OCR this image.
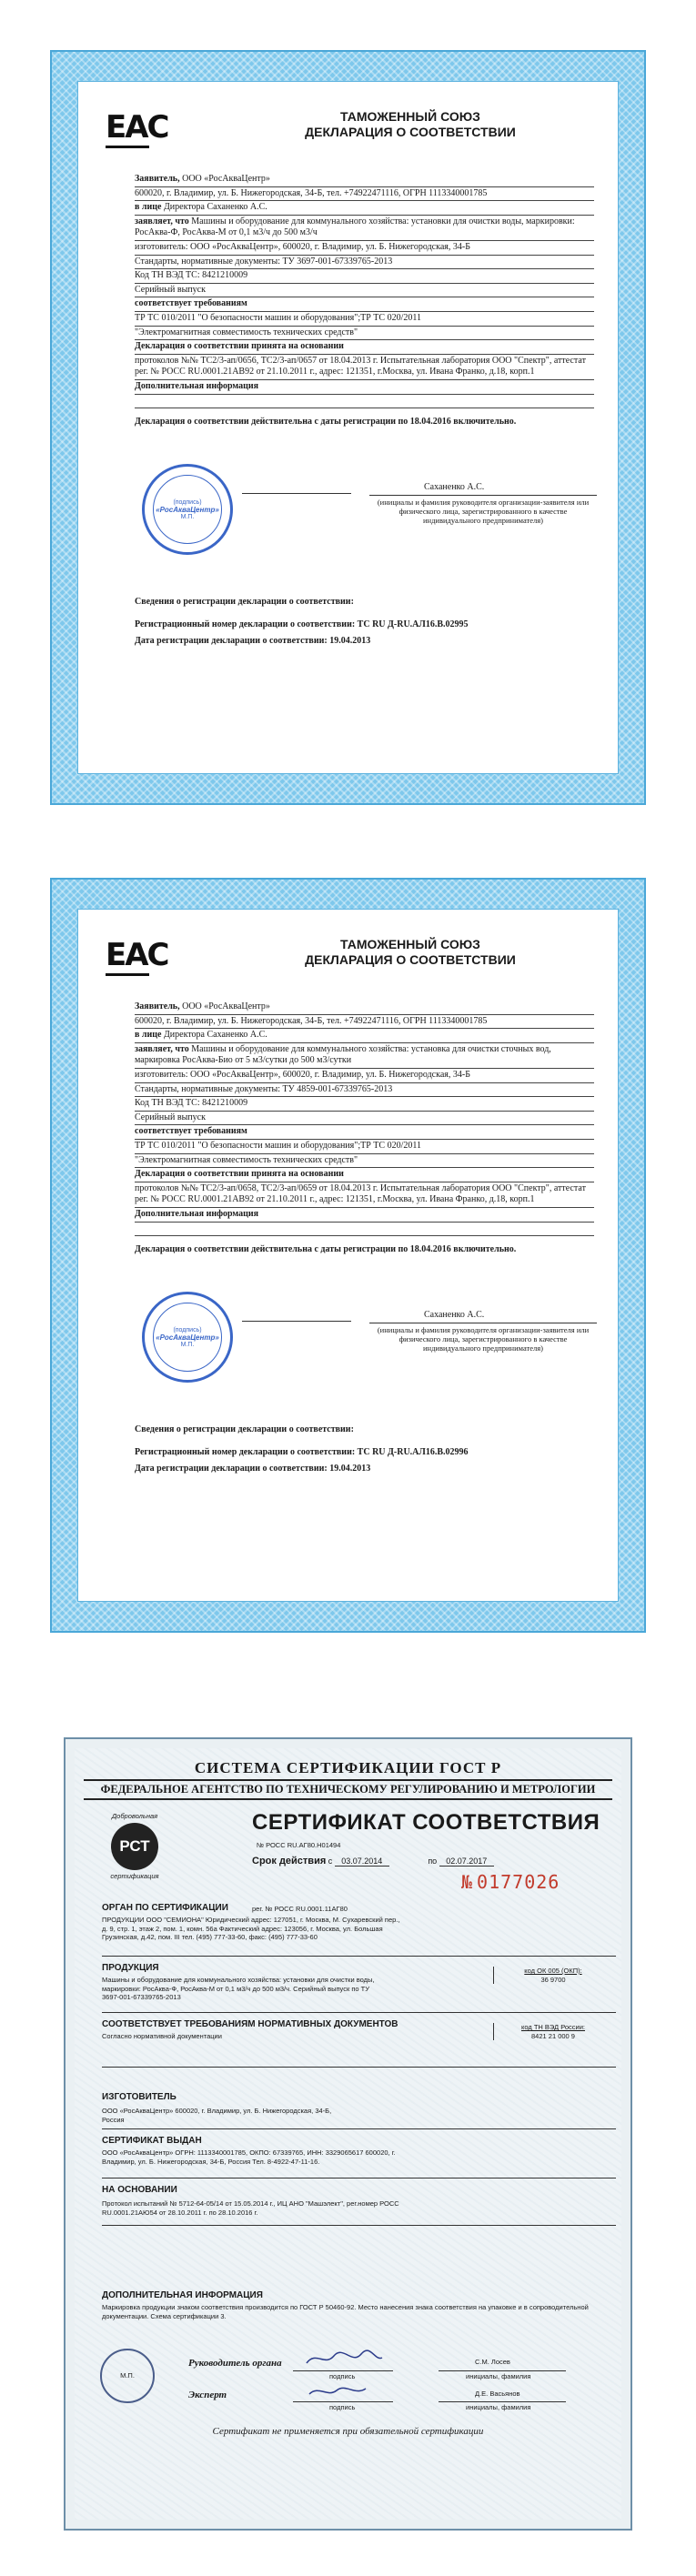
ЕАС	ТАМОЖЕННЫЙ СОЮЗ
ДЕКЛАРАЦИЯ О СООТВЕТСТВИИ
Заявитель, ООО «РосАкваЦентр»
600020, г. Владимир, ул. Б. Нижегородская, 34-Б, тел. +74922471116, ОГРН 1113340001785
в лице Директора Саханенко А.С.
заявляет, что Машины и оборудование для коммунального хозяйства: установки для очистки воды, маркировки: РосАква-Ф, РосАква-М от 0,1 м3/ч до 500 м3/ч
изготовитель: ООО «РосАкваЦентр», 600020, г. Владимир, ул. Б. Нижегородская, 34-Б
Стандарты, нормативные документы: ТУ 3697-001-67339765-2013
Код ТН ВЭД ТС: 8421210009
Серийный выпуск
соответствует требованиям
ТР ТС 010/2011 "О безопасности машин и оборудования";ТР ТС 020/2011
"Электромагнитная совместимость технических средств"
Декларация о соответствии принята на основании
протоколов №№ ТС2/3-ап/0656, ТС2/3-ап/0657 от 18.04.2013 г. Испытательная лаборатория ООО "Спектр", аттестат рег. № РОСС RU.0001.21АВ92 от 21.10.2011 г., адрес: 121351, г.Москва, ул. Ивана Франко, д.18, корп.1
Дополнительная информация
Декларация о соответствии действительна с даты регистрации по 18.04.2016 включительно.
(подпись)
«РосАкваЦентр»
М.П.
Саханенко А.С.
(инициалы и фамилия руководителя организации-заявителя или физического лица, зарегистрированного в качестве индивидуального предпринимателя)
Сведения о регистрации декларации о соответствии:
Регистрационный номер декларации о соответствии: ТС RU Д-RU.АЛ16.В.02995
Дата регистрации декларации о соответствии: 19.04.2013
ЕАС	ТАМОЖЕННЫЙ СОЮЗ
ДЕКЛАРАЦИЯ О СООТВЕТСТВИИ
Заявитель, ООО «РосАкваЦентр»
600020, г. Владимир, ул. Б. Нижегородская, 34-Б, тел. +74922471116, ОГРН 1113340001785
в лице Директора Саханенко А.С.
заявляет, что Машины и оборудование для коммунального хозяйства: установка для очистки сточных вод, маркировка РосАква-Био от 5 м3/сутки до 500 м3/сутки
изготовитель: ООО «РосАкваЦентр», 600020, г. Владимир, ул. Б. Нижегородская, 34-Б
Стандарты, нормативные документы: ТУ 4859-001-67339765-2013
Код ТН ВЭД ТС: 8421210009
Серийный выпуск
соответствует требованиям
ТР ТС 010/2011 "О безопасности машин и оборудования";ТР ТС 020/2011
"Электромагнитная совместимость технических средств"
Декларация о соответствии принята на основании
протоколов №№ ТС2/3-ап/0658, ТС2/3-ап/0659 от 18.04.2013 г. Испытательная лаборатория ООО "Спектр", аттестат рег. № РОСС RU.0001.21АВ92 от 21.10.2011 г., адрес: 121351, г.Москва, ул. Ивана Франко, д.18, корп.1
Дополнительная информация
Декларация о соответствии действительна с даты регистрации по 18.04.2016 включительно.
(подпись)
«РосАкваЦентр»
М.П.
Саханенко А.С.
(инициалы и фамилия руководителя организации-заявителя или физического лица, зарегистрированного в качестве индивидуального предпринимателя)
Сведения о регистрации декларации о соответствии:
Регистрационный номер декларации о соответствии: ТС RU Д-RU.АЛ16.В.02996
Дата регистрации декларации о соответствии: 19.04.2013
СИСТЕМА СЕРТИФИКАЦИИ ГОСТ Р
ФЕДЕРАЛЬНОЕ АГЕНТСТВО ПО ТЕХНИЧЕСКОМУ РЕГУЛИРОВАНИЮ И МЕТРОЛОГИИ
Добровольная
РСТ
сертификация
СЕРТИФИКАТ СООТВЕТСТВИЯ
№ РОСС RU.АГ80.Н01494
Срок действия с 03.07.2014	по 02.07.2017
№ 0177026
ОРГАН ПО СЕРТИФИКАЦИИ	рег. № РОСС RU.0001.11АГ80
ПРОДУКЦИИ ООО "СЕМИОНА" Юридический адрес: 127051, г. Москва, М. Сухаревский пер., д. 9, стр. 1, этаж 2, пом. 1, комн. 56а Фактический адрес: 123056, г. Москва, ул. Большая Грузинская, д.42, пом. III тел. (495) 777-33-60, факс: (495) 777-33-60
ПРОДУКЦИЯ
Машины и оборудование для коммунального хозяйства: установки для очистки воды, маркировки: РосАква-Ф, РосАква-М от 0,1 м3/ч до 500 м3/ч. Серийный выпуск по ТУ 3697-001-67339765-2013
код ОК 005 (ОКП):
36 9700
СООТВЕТСТВУЕТ ТРЕБОВАНИЯМ НОРМАТИВНЫХ ДОКУМЕНТОВ
Согласно нормативной документации
код ТН ВЭД России:
8421 21 000 9
ИЗГОТОВИТЕЛЬ
ООО «РосАкваЦентр» 600020, г. Владимир, ул. Б. Нижегородская, 34-Б, Россия
СЕРТИФИКАТ ВЫДАН
ООО «РосАкваЦентр» ОГРН: 1113340001785, ОКПО: 67339765, ИНН: 3329065617 600020, г. Владимир, ул. Б. Нижегородская, 34-Б, Россия Тел. 8-4922-47-11-16.
НА ОСНОВАНИИ
Протокол испытаний № 5712-64-05/14 от 15.05.2014 г., ИЦ АНО "Машэлект", рег.номер РОСС RU.0001.21АЮ54 от 28.10.2011 г. по 28.10.2016 г.
ДОПОЛНИТЕЛЬНАЯ ИНФОРМАЦИЯ
Маркировка продукции знаком соответствия производится по ГОСТ Р 50460-92. Место нанесения знака соответствия на упаковке и в сопроводительной документации. Схема сертификации 3.
М.П.
Руководитель органа
подпись
С.М. Лосев
инициалы, фамилия
Эксперт
подпись
Д.Е. Васьянов
инициалы, фамилия
Сертификат не применяется при обязательной сертификации
